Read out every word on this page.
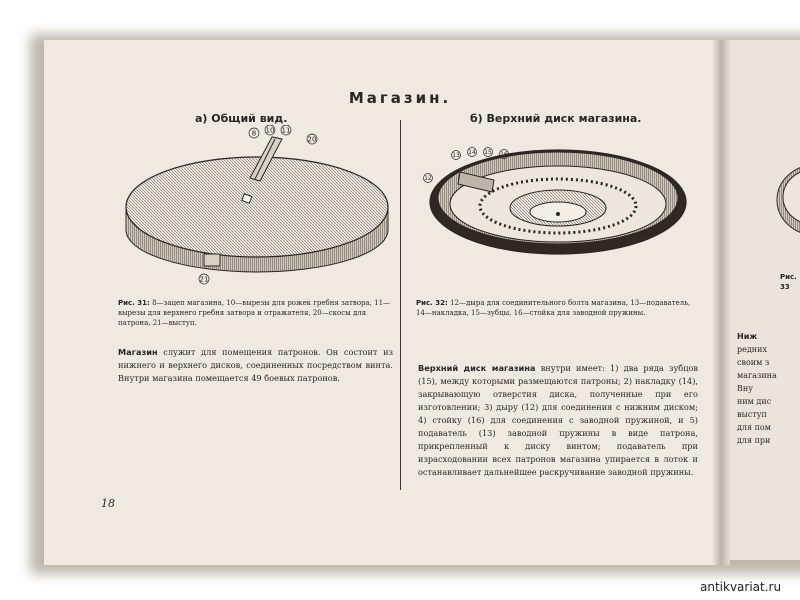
Магазин.
а) Общий вид.	б) Верхний диск магазина.
8 10 11
20
21
12
13 14 15 16
Рис. 31: 8—зацеп магазина, 10—вырезы для рожек гребня затвора, 11—вырезы для верхнего гребня затвора и отражателя, 20—скосы для патрона, 21—выступ.
Рис. 32: 12—дыра для соединительного болта магазина, 13—подаватель, 14—накладка, 15—зубцы, 16—стойка для заводной пружины.
Рис. 33
Магазин служит для помещения патронов. Он состоит из нижнего и верхнего дисков, соединенных посредством винта. Внутри магазина помещается 49 боевых патронов.
Верхний диск магазина внутри имеет: 1) два ряда зубцов (15), между которыми размещаются патроны; 2) накладку (14), закрывающую отверстия диска, полученные при его изготовлении; 3) дыру (12) для соединения с нижним диском; 4) стойку (16) для соединения с заводной пружиной, и 5) подаватель (13) заводной пружины в виде патрона, прикрепленный к диску винтом; подаватель при израсходовании всех патронов магазина упирается в лоток и останавливает дальнейшее раскручивание заводной пружины.
18
Ниж
редних
своим з
магазина
Вну
ним дис
выступ
для пом
для при
antikvariat.ru
